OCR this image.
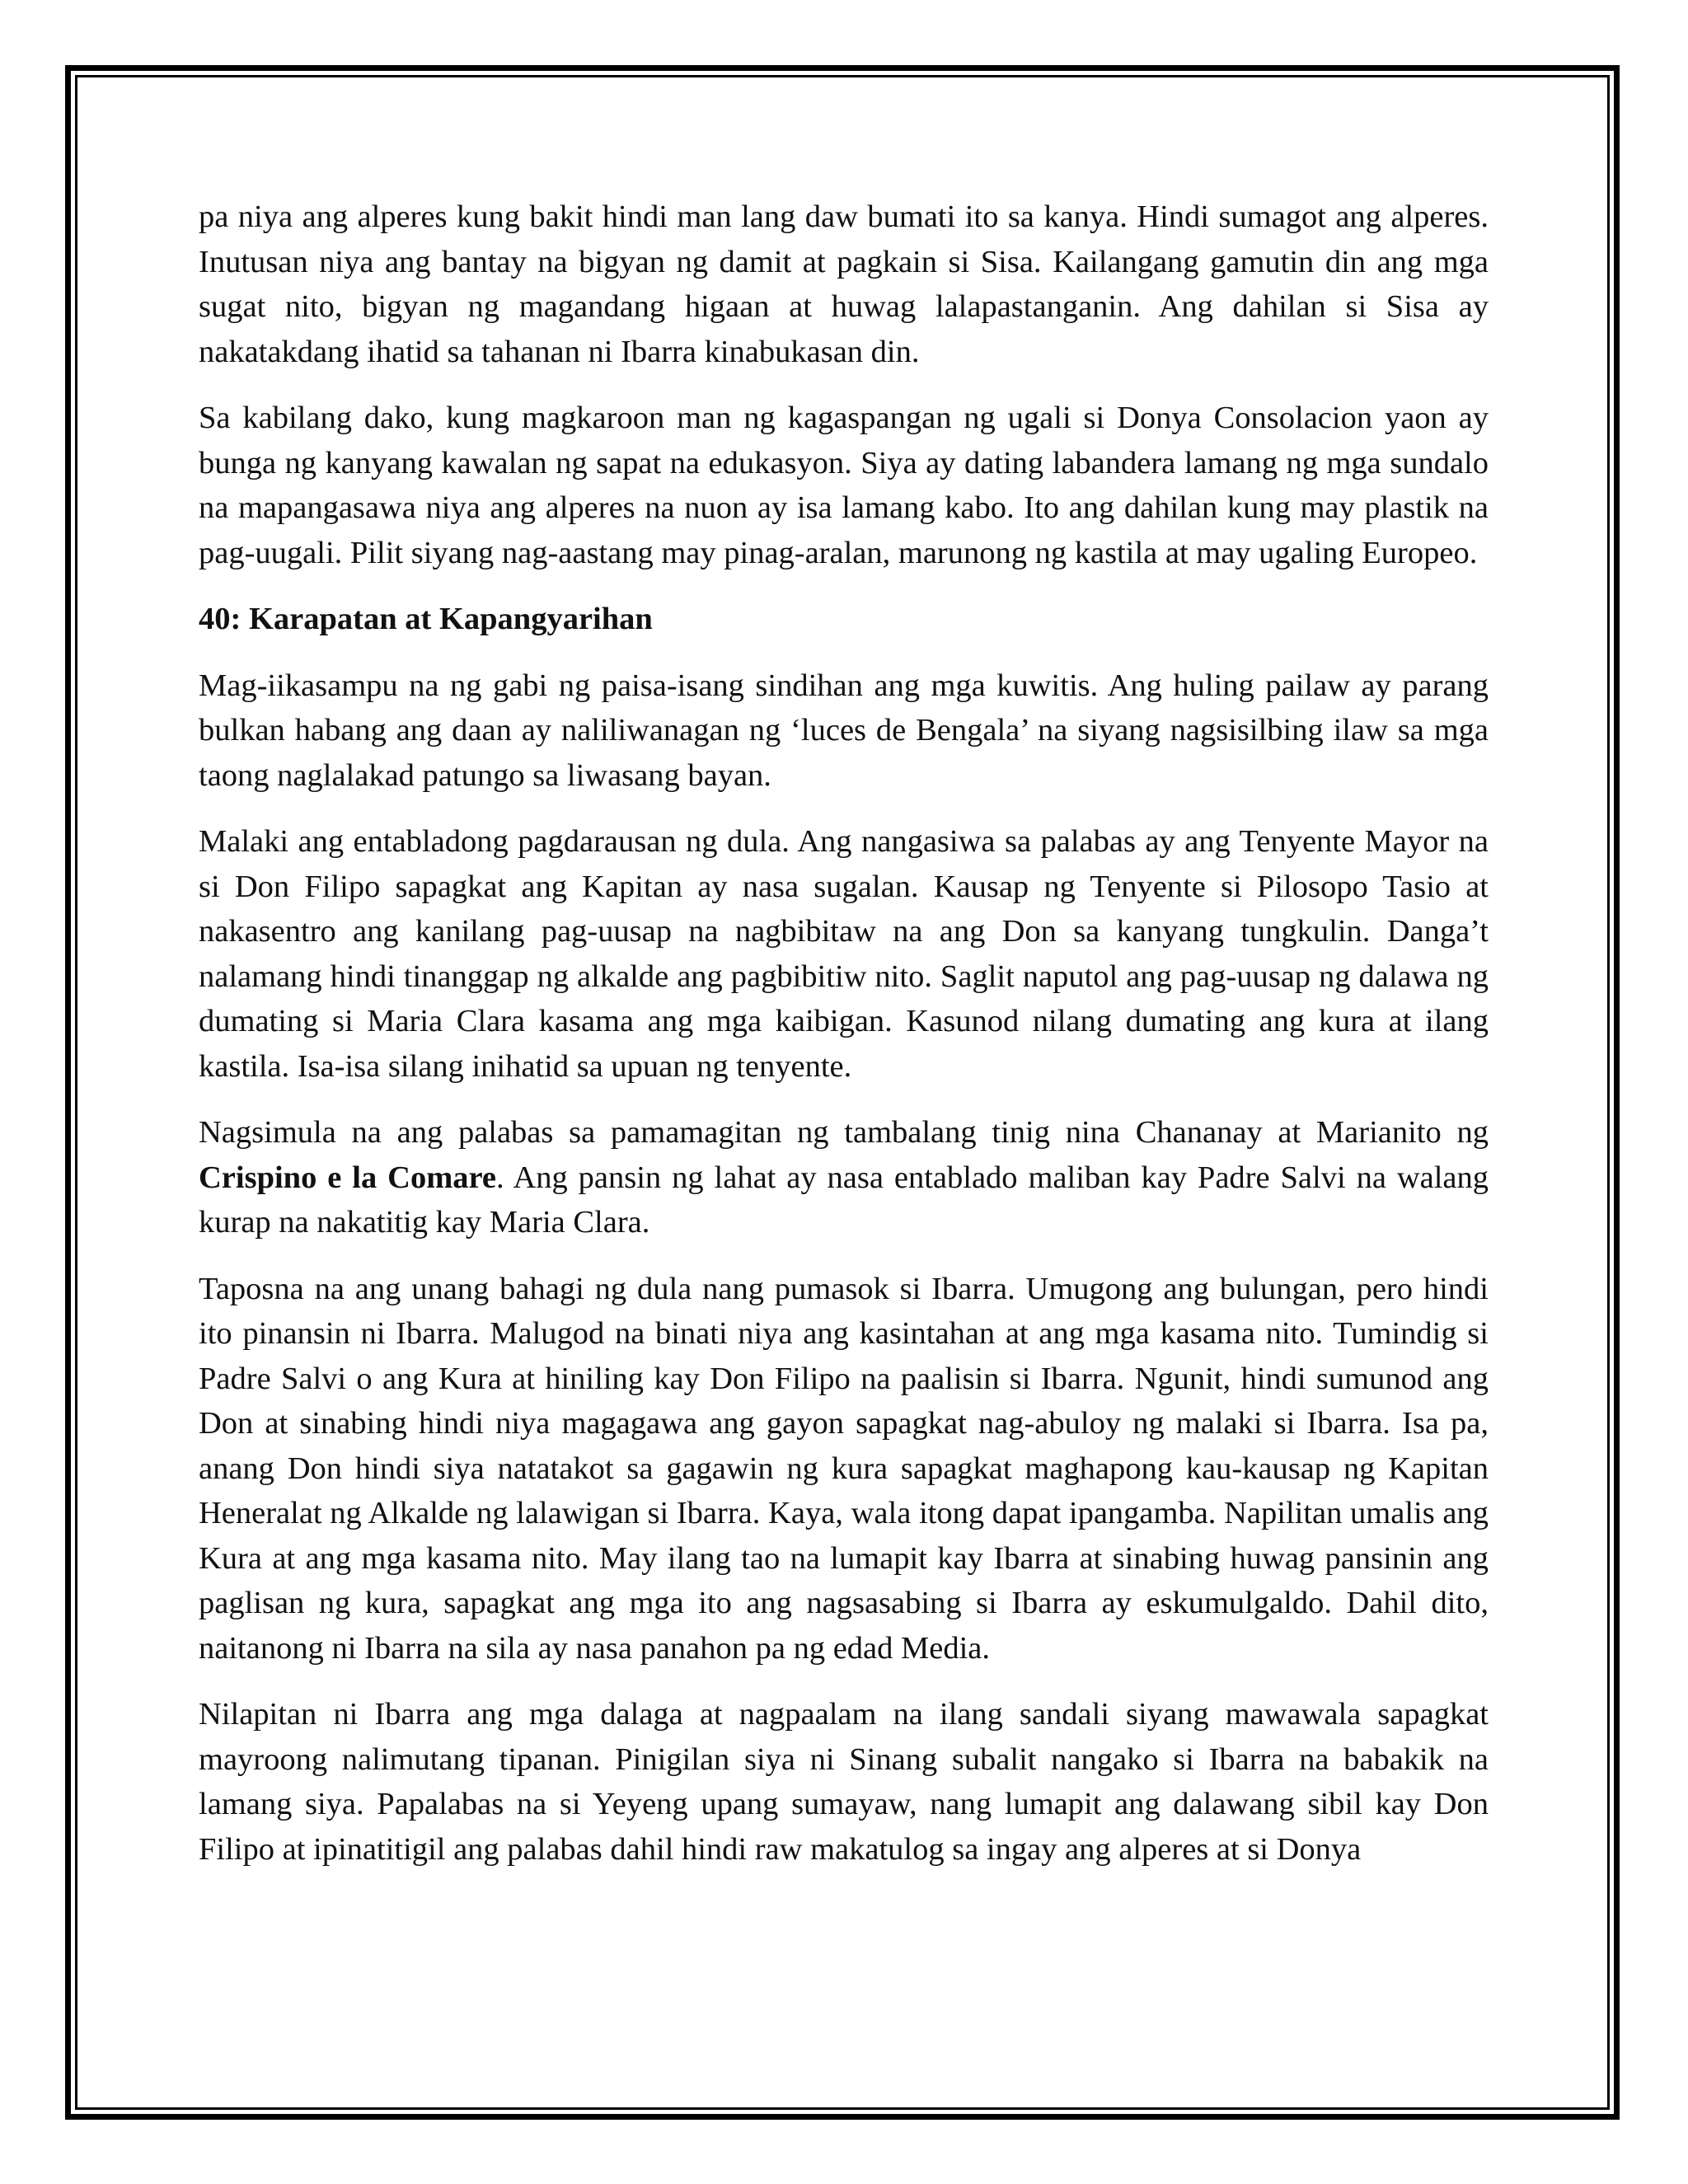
pa niya ang alperes kung bakit hindi man lang daw bumati ito sa kanya. Hindi sumagot ang alperes. Inutusan niya ang bantay na bigyan ng damit at pagkain si Sisa. Kailangang gamutin din ang mga sugat nito, bigyan ng magandang higaan at huwag lalapastanganin. Ang dahilan si Sisa ay nakatakdang ihatid sa tahanan ni Ibarra kinabukasan din.

Sa kabilang dako, kung magkaroon man ng kagaspangan ng ugali si Donya Consolacion yaon ay bunga ng kanyang kawalan ng sapat na edukasyon. Siya ay dating labandera lamang ng mga sundalo na mapangasawa niya ang alperes na nuon ay isa lamang kabo. Ito ang dahilan kung may plastik na pag-uugali. Pilit siyang nag-aastang may pinag-aralan, marunong ng kastila at may ugaling Europeo.

40: Karapatan at Kapangyarihan

Mag-iikasampu na ng gabi ng paisa-isang sindihan ang mga kuwitis. Ang huling pailaw ay parang bulkan habang ang daan ay naliliwanagan ng ‘luces de Bengala’ na siyang nagsisilbing ilaw sa mga taong naglalakad patungo sa liwasang bayan.

Malaki ang entabladong pagdarausan ng dula. Ang nangasiwa sa palabas ay ang Tenyente Mayor na si Don Filipo sapagkat ang Kapitan ay nasa sugalan. Kausap ng Tenyente si Pilosopo Tasio at nakasentro ang kanilang pag-uusap na nagbibitaw na ang Don sa kanyang tungkulin. Danga’t nalamang hindi tinanggap ng alkalde ang pagbibitiw nito. Saglit naputol ang pag-uusap ng dalawa ng dumating si Maria Clara kasama ang mga kaibigan. Kasunod nilang dumating ang kura at ilang kastila. Isa-isa silang inihatid sa upuan ng tenyente.

Nagsimula na ang palabas sa pamamagitan ng tambalang tinig nina Chananay at Marianito ng Crispino e la Comare. Ang pansin ng lahat ay nasa entablado maliban kay Padre Salvi na walang kurap na nakatitig kay Maria Clara.

Taposna na ang unang bahagi ng dula nang pumasok si Ibarra. Umugong ang bulungan, pero hindi ito pinansin ni Ibarra. Malugod na binati niya ang kasintahan at ang mga kasama nito. Tumindig si Padre Salvi o ang Kura at hiniling kay Don Filipo na paalisin si Ibarra. Ngunit, hindi sumunod ang Don at sinabing hindi niya magagawa ang gayon sapagkat nag-abuloy ng malaki si Ibarra. Isa pa, anang Don hindi siya natatakot sa gagawin ng kura sapagkat maghapong kau-kausap ng Kapitan Heneralat ng Alkalde ng lalawigan si Ibarra. Kaya, wala itong dapat ipangamba. Napilitan umalis ang Kura at ang mga kasama nito. May ilang tao na lumapit kay Ibarra at sinabing huwag pansinin ang paglisan ng kura, sapagkat ang mga ito ang nagsasabing si Ibarra ay eskumulgaldo. Dahil dito, naitanong ni Ibarra na sila ay nasa panahon pa ng edad Media.

Nilapitan ni Ibarra ang mga dalaga at nagpaalam na ilang sandali siyang mawawala sapagkat mayroong nalimutang tipanan. Pinigilan siya ni Sinang subalit nangako si Ibarra na babakik na lamang siya. Papalabas na si Yeyeng upang sumayaw, nang lumapit ang dalawang sibil kay Don Filipo at ipinatitigil ang palabas dahil hindi raw makatulog sa ingay ang alperes at si Donya
